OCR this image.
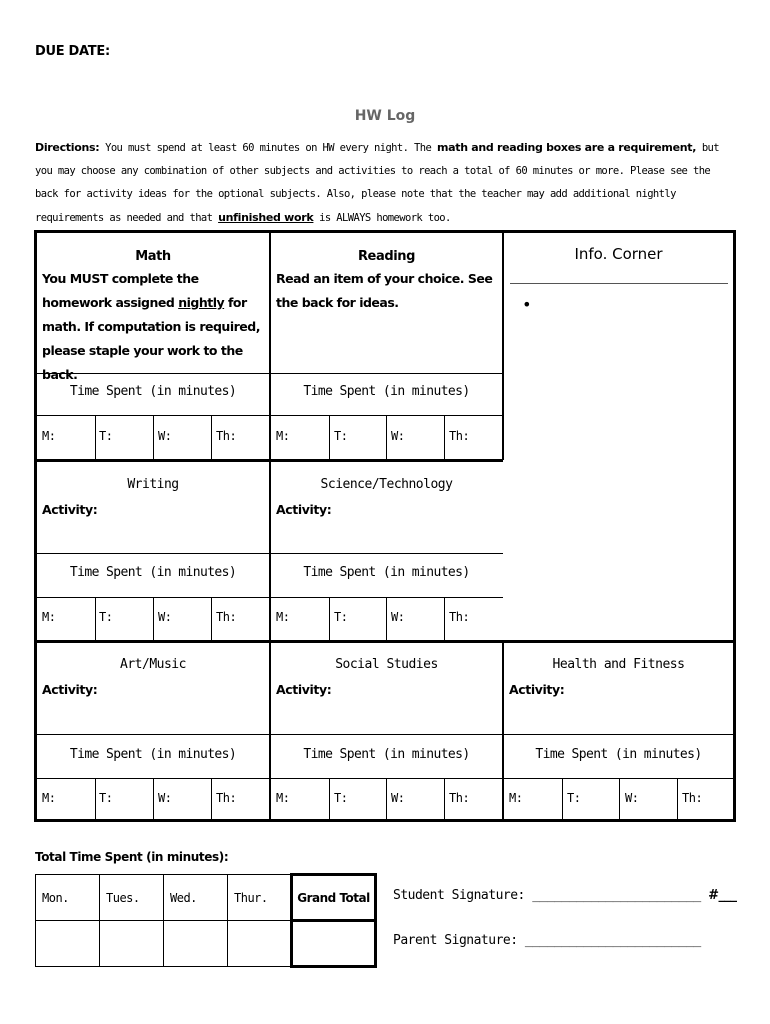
DUE DATE:
HW Log
Directions: You must spend at least 60 minutes on HW every night. The math and reading boxes are a requirement, but you may choose any combination of other subjects and activities to reach a total of 60 minutes or more. Please see the back for activity ideas for the optional subjects. Also, please note that the teacher may add additional nightly requirements as needed and that unfinished work is ALWAYS homework too.
Math
You MUST complete the homework assigned nightly for math. If computation is required, please staple your work to the back.
Time Spent (in minutes)
M:	T:	W:	Th:
Reading
Read an item of your choice. See the back for ideas.
Time Spent (in minutes)
M:	T:	W:	Th:
Info. Corner
•
Writing
Activity:
Time Spent (in minutes)
M:	T:	W:	Th:
Science/Technology
Activity:
Time Spent (in minutes)
M:	T:	W:	Th:
Art/Music
Activity:
Time Spent (in minutes)
M:	T:	W:	Th:
Social Studies
Activity:
Time Spent (in minutes)
M:	T:	W:	Th:
Health and Fitness
Activity:
Time Spent (in minutes)
M:	T:	W:	Th:
Total Time Spent (in minutes):
Mon.	Tues.	Wed.	Thur.	Grand Total
				Student Signature: _______________________ #___
Parent Signature: ________________________
